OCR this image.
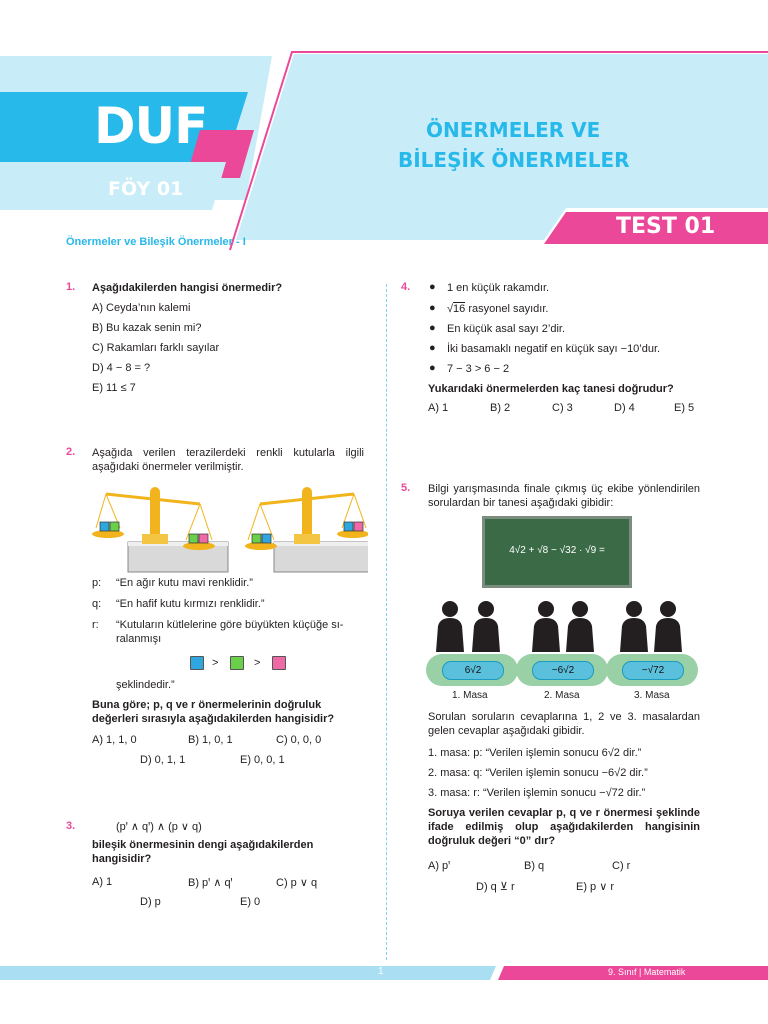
DUF
FÖY 01
ÖNERMELER VE
BİLEŞİK ÖNERMELER
TEST 01
Önermeler ve Bileşik Önermeler - I
1. Aşağıdakilerden hangisi önermedir?
A) Ceyda’nın kalemi
B) Bu kazak senin mi?
C) Rakamları farklı sayılar
D) 4 − 8 = ?
E) 11 ≤ 7
2. Aşağıda verilen terazilerdeki renkli kutularla ilgili aşağıdaki önermeler verilmiştir.
p: “En ağır kutu mavi renklidir.”
q: “En hafif kutu kırmızı renklidir.”
r: “Kutuların kütlelerine göre büyükten küçüğe sı-
ralanmışı
>	>
şeklindedir.”
Buna göre; p, q ve r önermelerinin doğruluk değerleri sırasıyla aşağıdakilerden hangisidir?
A) 1, 1, 0	B) 1, 0, 1	C) 0, 0, 0
D) 0, 1, 1	E) 0, 0, 1
3.	(pꞌ ∧ qꞌ) ∧ (p ∨ q)
bileşik önermesinin dengi aşağıdakilerden hangisidir?
A) 1	B) pꞌ ∧ qꞌ	C) p ∨ q
D) p	E) 0
4. ● 1 en küçük rakamdır.
● √16 rasyonel sayıdır.
● En küçük asal sayı 2’dir.
● İki basamaklı negatif en küçük sayı −10’dur.
● 7 − 3 > 6 − 2
Yukarıdaki önermelerden kaç tanesi doğrudur?
A) 1	B) 2	C) 3	D) 4	E) 5
5. Bilgi yarışmasında finale çıkmış üç ekibe yönlendirilen sorulardan bir tanesi aşağıdaki gibidir:
4√2 + √8 − √32 · √9 =
6√2	−6√2	−√72
1. Masa	2. Masa	3. Masa
Sorulan soruların cevaplarına 1, 2 ve 3. masalardan gelen cevaplar aşağıdaki gibidir.
1. masa: p: “Verilen işlemin sonucu 6√2 dir.”
2. masa: q: “Verilen işlemin sonucu −6√2 dir.”
3. masa: r: “Verilen işlemin sonucu −√72 dir.”
Soruya verilen cevaplar p, q ve r önermesi şeklinde ifade edilmiş olup aşağıdakilerden hangisinin doğruluk değeri “0” dır?
A) pꞌ	B) q	C) r
D) q ⊻ r	E) p ∨ r
1	9. Sınıf | Matematik
